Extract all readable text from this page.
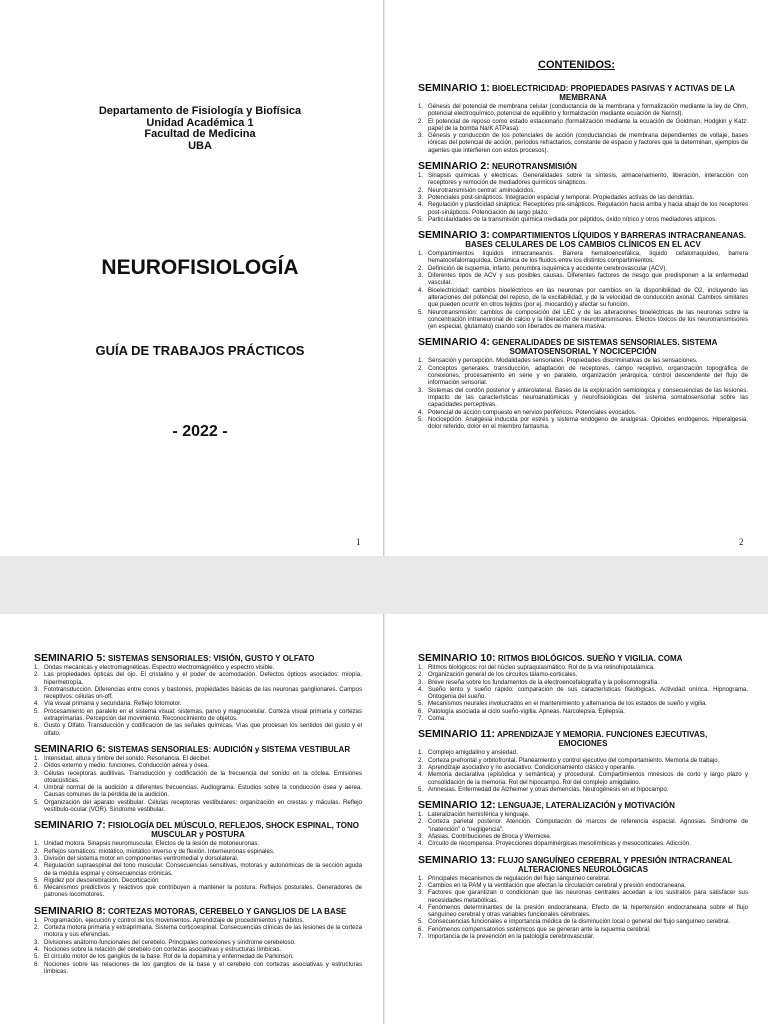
Departamento de Fisiología y Biofísica
Unidad Académica 1
Facultad de Medicina
UBA
NEUROFISIOLOGÍA
GUÍA DE TRABAJOS PRÁCTICOS
- 2022 -
1
CONTENIDOS:
SEMINARIO 1: BIOELECTRICIDAD: PROPIEDADES PASIVAS Y ACTIVAS DE LA
MEMBRANA
1. Génesis del potencial de membrana celular (conductancia de la membrana y formalización mediante la ley de Ohm, potencial electroquímico, potencial de equilibrio y formalización mediante ecuación de Nernst).
2. El potencial de reposo como estado estacionario (formalización mediante la ecuación de Goldman, Hodgkin y Katz: papel de la bomba Na/K ATPasa).
3. Génesis y conducción de los potenciales de acción (conductancias de membrana dependientes de voltaje, bases iónicas del potencial de acción, períodos refractarios, constante de espacio y factores que la determinan, ejemplos de agentes que interfieren con estos procesos).
SEMINARIO 2: NEUROTRANSMISIÓN
1. Sinapsis químicas y eléctricas. Generalidades sobre la síntesis, almacenamiento, liberación, interacción con receptores y remoción de mediadores químicos sinápticos.
2. Neurotransmisión central: aminoácidos.
3. Potenciales post-sinápticos. Integración espacial y temporal. Propiedades activas de las dendritas.
4. Regulación y plasticidad sináptica: Receptores pre-sinápticos. Regulación hacia arriba y hacia abajo de los receptores post-sinápticos. Potenciación de largo plazo.
5. Particularidades de la transmisión química mediada por péptidos, óxido nítrico y otros mediadores atípicos.
SEMINARIO 3: COMPARTIMIENTOS LÍQUIDOS Y BARRERAS INTRACRANEANAS.
BASES CELULARES DE LOS CAMBIOS CLÍNICOS EN EL ACV
1. Compartimientos líquidos intracraneanos. Barrera hematoencefálica, líquido cefalorraquídeo, barrera hematocefalorraquídea. Dinámica de los fluidos entre los distintos compartimientos.
2. Definición de isquemia, infarto, penumbra isquémica y accidente cerebrovascular (ACV).
3. Diferentes tipos de ACV y sus posibles causas. Diferentes factores de riesgo que predisponen a la enfermedad vascular.
4. Bioelectricidad: cambios bioeléctricos en las neuronas por cambios en la disponibilidad de O2, incluyendo las alteraciones del potencial del reposo, de la excitabilidad, y de la velocidad de conducción axonal. Cambios similares que pueden ocurrir en otros tejidos (por ej. miocardio) y afectar su función.
5. Neurotransmisión: cambios de composición del LEC y de las alteraciones bioeléctricas de las neuronas sobre la concentración intraneuronal de calcio y la liberación de neurotransmisores. Efectos tóxicos de los neurotransmisores (en especial, glutamato) cuando son liberados de manera masiva.
SEMINARIO 4: GENERALIDADES DE SISTEMAS SENSORIALES. SISTEMA
SOMATOSENSORIAL Y NOCICEPCIÓN
1. Sensación y percepción. Modalidades sensoriales. Propiedades discriminativas de las sensaciones.
2. Conceptos generales: transducción, adaptación de receptores, campo receptivo, organización topográfica de conexiones, procesamiento en serie y en paralelo, organización jerárquica, control descendente del flujo de información sensorial.
3. Sistemas del cordón posterior y anterolateral. Bases de la exploración semiológica y consecuencias de las lesiones. Impacto de las características neuroanatómicas y neurofisiológicas del sistema somatosensorial sobre las capacidades perceptivas.
4. Potencial de acción compuesto en nervios periféricos. Potenciales evocados.
5. Nocicepción. Analgesia inducida por estrés y sistema endógeno de analgesia. Opioides endógenos. Hiperalgesia, dolor referido, dolor en el miembro fantasma.
2
SEMINARIO 5: SISTEMAS SENSORIALES: VISIÓN, GUSTO Y OLFATO
1. Ondas mecánicas y electromagnéticas. Espectro electromagnético y espectro visible.
2. Las propiedades ópticas del ojo. El cristalino y el poder de acomodación. Defectos ópticos asociados: miopía, hipermetropía.
3. Fototransducción. Diferencias entre conos y bastones, propiedades básicas de las neuronas ganglionares. Campos receptivos: células on-off.
4. Vía visual primaria y secundaria. Reflejo fotomotor.
5. Procesamiento en paralelo en el sistema visual: sistemas, parvo y magnocelular. Corteza visual primaria y cortezas extraprimarias. Percepción del movimiento. Reconocimiento de objetos.
6. Gusto y Olfato. Transducción y codificación de las señales químicas. Vías que procesan los sentidos del gusto y el olfato.
SEMINARIO 6: SISTEMAS SENSORIALES: AUDICIÓN y SISTEMA VESTIBULAR
1. Intensidad, altura y timbre del sonido. Resonancia. El decibel.
2. Oídos externo y medio: funciones. Conducción aérea y ósea.
3. Células receptoras auditivas. Transducción y codificación de la frecuencia del sonido en la cóclea. Emisiones otoacústicas.
4. Umbral normal de la audición a diferentes frecuencias. Audiograma. Estudios sobre la conducción ósea y aérea. Causas comunes de la pérdida de la audición.
5. Organización del aparato vestibular. Células receptoras vestibulares: organización en crestas y máculas. Reflejo vestíbulo-ocular (VOR). Síndrome vestibular.
SEMINARIO 7: FISIOLOGÍA DEL MÚSCULO, REFLEJOS, SHOCK ESPINAL, TONO
MUSCULAR y POSTURA
1. Unidad motora. Sinapsis neuromuscular. Efectos de la lesión de motoneuronas.
2. Reflejos somáticos: miotático, miotático inverso y de flexión. Interneuronas espinales.
3. División del sistema motor en componentes ventromedial y dorsolateral.
4. Regulación supraespinal del tono muscular. Consecuencias sensitivas, motoras y autonómicas de la sección aguda de la médula espinal y consecuencias crónicas.
5. Rigidez por descerebración. Decorticación
6. Mecanismos predictivos y reactivos que contribuyen a mantener la postura. Reflejos posturales. Generadores de patrones locomotores.
SEMINARIO 8: CORTEZAS MOTORAS, CEREBELO Y GANGLIOS DE LA BASE
1. Programación, ejecución y control de los movimientos. Aprendizaje de procedimientos y hábitos.
2. Corteza motora primaria y extraprimaria. Sistema corticoespinal. Consecuencias clínicas de las lesiones de la corteza motora y sus eferencias.
3. Divisiones anátomo-funcionales del cerebelo. Principales conexiones y síndrome cerebeloso.
4. Nociones sobre la relación del cerebelo con cortezas asociativas y estructuras límbicas.
5. El circuito motor de los ganglios de la base. Rol de la dopamina y enfermedad de Parkinson.
6. Nociones sobre las relaciones de los ganglios de la base y el cerebelo con cortezas asociativas y estructuras límbicas.
SEMINARIO 10: RITMOS BIOLÓGICOS. SUEÑO Y VIGILIA. COMA
1. Ritmos biológicos: rol del núcleo supraquiasmático. Rol de la vía retinohipotalámica.
2. Organización general de los circuitos tálamo-corticales.
3. Breve reseña sobre los fundamentos de la electroencefalografía y la polisomnografía.
4. Sueño lento y sueño rápido: comparación de sus características fisiológicas. Actividad onírica. Hipnograma. Ontogenia del sueño.
5. Mecanismos neurales involucrados en el mantenimiento y alternancia de los estados de sueño y vigilia.
6. Patología asociada al ciclo sueño-vigilia. Apneas. Narcolepsia. Epilepsia.
7. Coma.
SEMINARIO 11: APRENDIZAJE Y MEMORIA. FUNCIONES EJECUTIVAS,
EMOCIONES
1. Complejo amigdalino y ansiedad.
2. Corteza prefrontal y orbitofrontal. Planeamiento y control ejecutivo del comportamiento. Memoria de trabajo.
3. Aprendizaje asociativo y no asociativo. Condicionamiento clásico y operante.
4. Memoria declarativa (episódica y semántica) y procedural. Compartimientos mnésicos de corto y largo plazo y consolidación de la memoria. Rol del hipocampo. Rol del complejo amigdalino.
5. Amnesias. Enfermedad de Alzheimer y otras demencias. Neurogénesis en el hipocampo.
SEMINARIO 12: LENGUAJE, LATERALIZACIÓN y MOTIVACIÓN
1. Lateralización hemisférica y lenguaje.
2. Corteza parietal posterior. Atención. Computación de marcos de referencia espacial. Agnosias. Síndrome de "inatención" o "negligencia".
3. Afasias. Contribuciones de Broca y Wernicke.
4. Circuito de recompensa. Proyecciones dopaminérgicas mesolímbicas y mesocorticales. Adicción.
SEMINARIO 13: FLUJO SANGUÍNEO CEREBRAL Y PRESIÓN INTRACRANEAL
ALTERACIONES NEUROLÓGICAS
1. Principales mecanismos de regulación del flujo sanguíneo cerebral.
2. Cambios en la PAM y la ventilación que afectan la circulación cerebral y presión endocraneana.
3. Factores que garantizan o condicionan que las neuronas centrales accedan a los sustratos para satisfacer sus necesidades metabólicas.
4. Fenómenos determinantes de la presión endocraneana. Efecto de la hipertensión endocraneana sobre el flujo sanguíneo cerebral y otras variables funcionales cerebrales.
5. Consecuencias funcionales e importancia médica de la disminución local o general del flujo sanguíneo cerebral.
6. Fenómenos compensatorios sistémicos que se generan ante la isquemia cerebral.
7. Importancia de la prevención en la patología cerebrovascular.
